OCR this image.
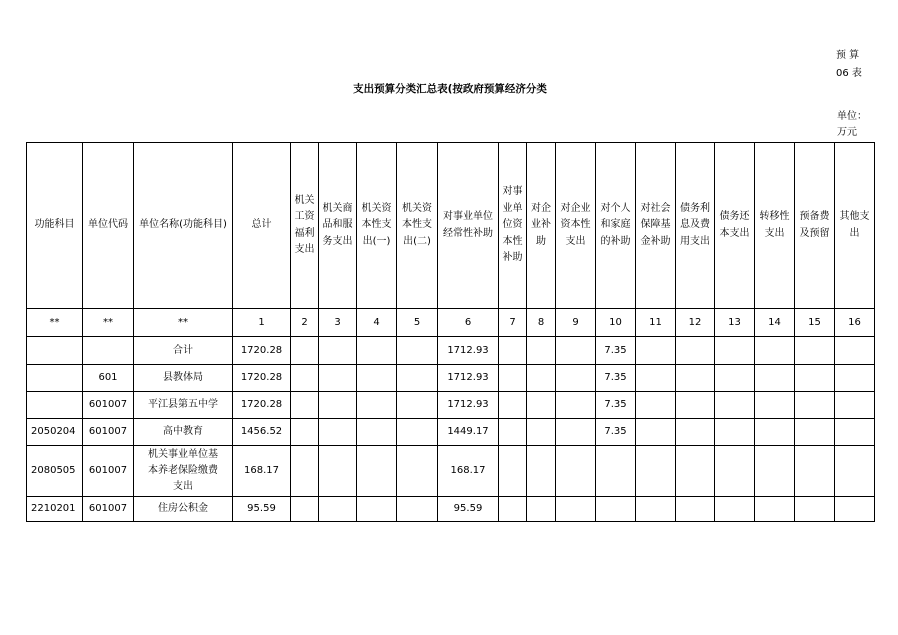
预 算
06 表
支出预算分类汇总表(按政府预算经济分类
单位：
万元
功能科目	单位代码	单位名称(功能科目)	总计	机关工资福利支出	机关商品和服务支出	机关资本性支出(一)	机关资本性支出(二)	对事业单位经常性补助	对事业单位资本性补助	对企业补助	对企业资本性支出	对个人和家庭的补助	对社会保障基金补助	债务利息及费用支出	债务还本支出	转移性支出	预备费及预留	其他支出
**	**	**	1	2	3	4	5	6	7	8	9	10	11	12	13	14	15	16
		合计	1720.28					1712.93				7.35						
	601	县教体局	1720.28					1712.93				7.35						
	601007	平江县第五中学	1720.28					1712.93				7.35						
2050204	601007	高中教育	1456.52					1449.17				7.35						
2080505	601007	机关事业单位基本养老保险缴费支出	168.17					168.17										
2210201	601007	住房公积金	95.59					95.59										
